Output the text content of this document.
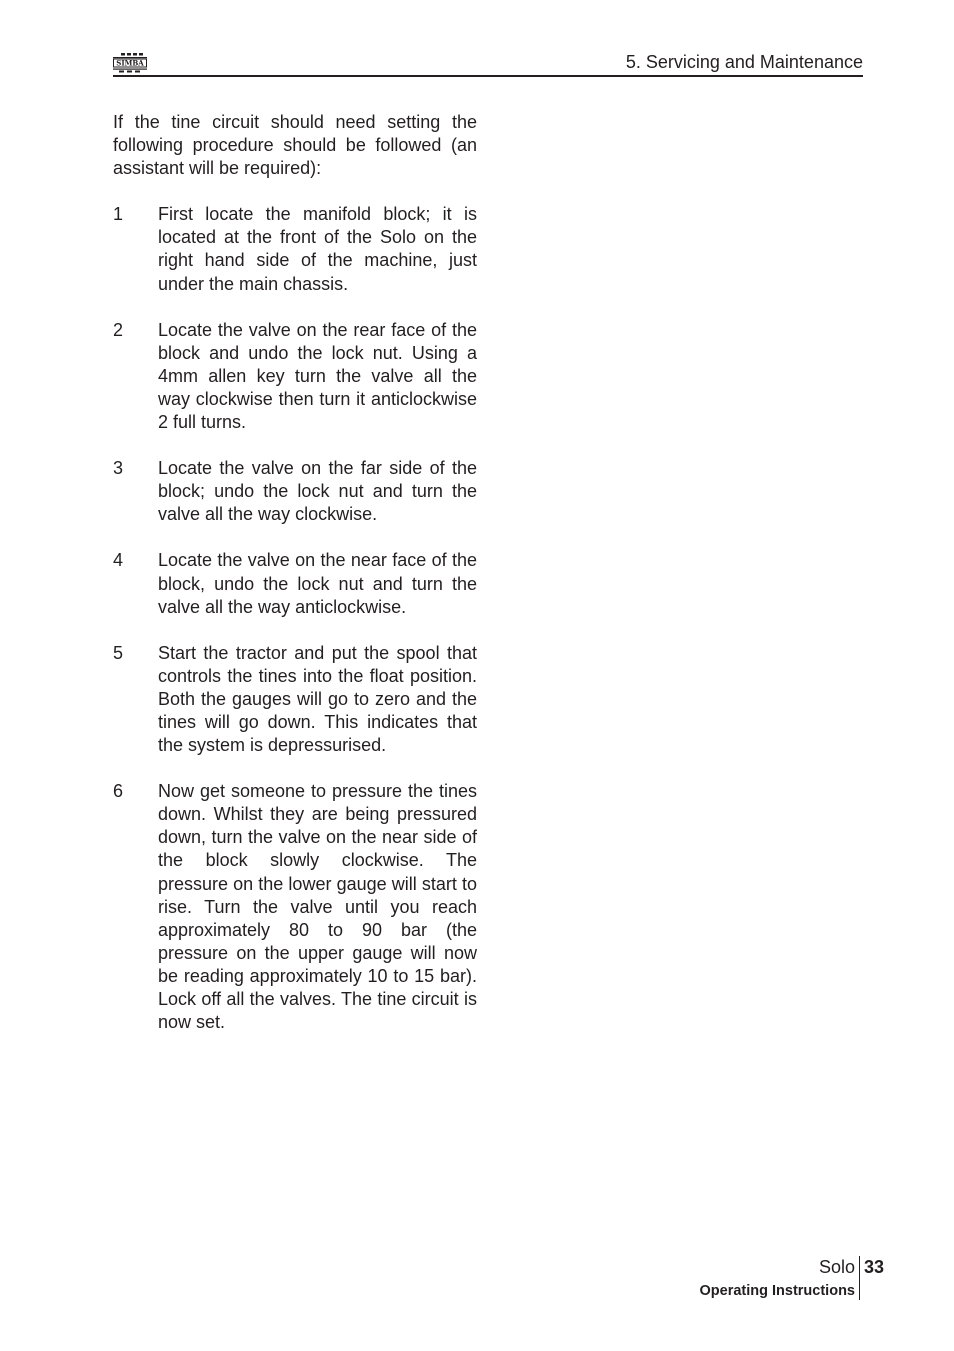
SIMBA	5. Servicing and Maintenance

If the tine circuit should need setting the following procedure should be followed (an assistant will be required):

1	First locate the manifold block; it is located at the front of the Solo on the right hand side of the machine, just under the main chassis.
2	Locate the valve on the rear face of the block and undo the lock nut. Using a 4mm allen key turn the valve all the way clockwise then turn it anticlockwise 2 full turns.
3	Locate the valve on the far side of the block; undo the lock nut and turn the valve all the way clockwise.
4	Locate the valve on the near face of the block, undo the lock nut and turn the valve all the way anticlockwise.
5	Start the tractor and put the spool that controls the tines into the float position. Both the gauges will go to zero and the tines will go down. This indicates that the system is depressurised.
6	Now get someone to pressure the tines down. Whilst they are being pressured down, turn the valve on the near side of the block slowly clockwise. The pressure on the lower gauge will start to rise. Turn the valve until you reach approximately 80 to 90 bar (the pressure on the upper gauge will now be reading approximately 10 to 15 bar). Lock off all the valves. The tine circuit is now set.
Solo 33
Operating Instructions
